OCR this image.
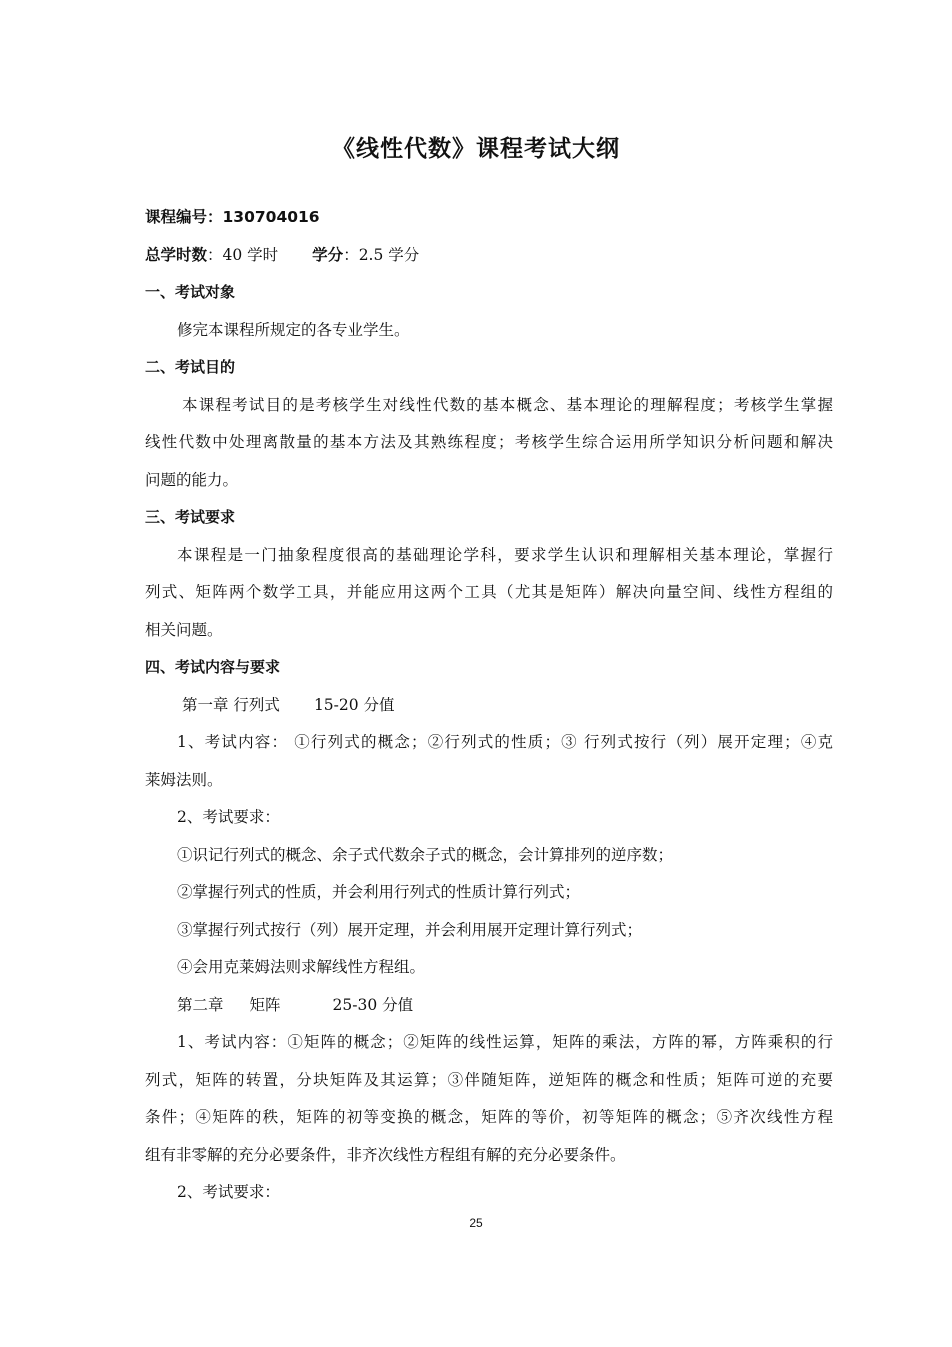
《线性代数》课程考试大纲

课程编号：130704016

总学时数：40 学时 学分：2.5 学分

一、考试对象

修完本课程所规定的各专业学生。

二、考试目的

本课程考试目的是考核学生对线性代数的基本概念、基本理论的理解程度；考核学生掌握

线性代数中处理离散量的基本方法及其熟练程度；考核学生综合运用所学知识分析问题和解决

问题的能力。

三、考试要求

本课程是一门抽象程度很高的基础理论学科，要求学生认识和理解相关基本理论，掌握行

列式、矩阵两个数学工具，并能应用这两个工具（尤其是矩阵）解决向量空间、线性方程组的

相关问题。

四、考试内容与要求

第一章 行列式 15-20 分值

1、考试内容： ①行列式的概念；②行列式的性质；③ 行列式按行（列）展开定理；④克

莱姆法则。

2、考试要求：

①识记行列式的概念、余子式代数余子式的概念，会计算排列的逆序数；

②掌握行列式的性质，并会利用行列式的性质计算行列式；

③掌握行列式按行（列）展开定理，并会利用展开定理计算行列式；

④会用克莱姆法则求解线性方程组。

第二章 矩阵	25-30 分值

1、考试内容：①矩阵的概念；②矩阵的线性运算，矩阵的乘法，方阵的幂，方阵乘积的行

列式，矩阵的转置，分块矩阵及其运算；③伴随矩阵，逆矩阵的概念和性质；矩阵可逆的充要

条件；④矩阵的秩，矩阵的初等变换的概念，矩阵的等价，初等矩阵的概念；⑤齐次线性方程

组有非零解的充分必要条件，非齐次线性方程组有解的充分必要条件。

2、考试要求：

25
